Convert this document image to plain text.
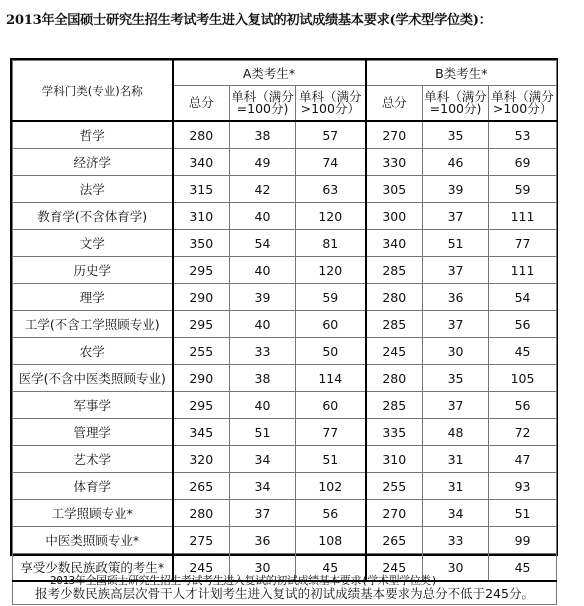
2013年全国硕士研究生招生考试考生进入复试的初试成绩基本要求(学术型学位类)：
学科门类(专业)名称	A类考生*			B类考生*		
	总分	单科（满分=100分)	单科（满分>100分）	总分	单科（满分=100分)	单科（满分>100分）
哲学	280	38	57	270	35	53
经济学	340	49	74	330	46	69
法学	315	42	63	305	39	59
教育学(不含体育学)	310	40	120	300	37	111
文学	350	54	81	340	51	77
历史学	295	40	120	285	37	111
理学	290	39	59	280	36	54
工学(不含工学照顾专业)	295	40	60	285	37	56
农学	255	33	50	245	30	45
医学(不含中医类照顾专业)	290	38	114	280	35	105
军事学	295	40	60	285	37	56
管理学	345	51	77	335	48	72
艺术学	320	34	51	310	31	47
体育学	265	34	102	255	31	93
工学照顾专业*	280	37	56	270	34	51
中医类照顾专业*	275	36	108	265	33	99
享受少数民族政策的考生*	245	30	45	245	30	45
报考少数民族高层次骨干人才计划考生进入复试的初试成绩基本要求为总分不低于245分。						
2013年全国硕士研究生招生考试考生进入复试的初试成绩基本要求(学术型学位类)
